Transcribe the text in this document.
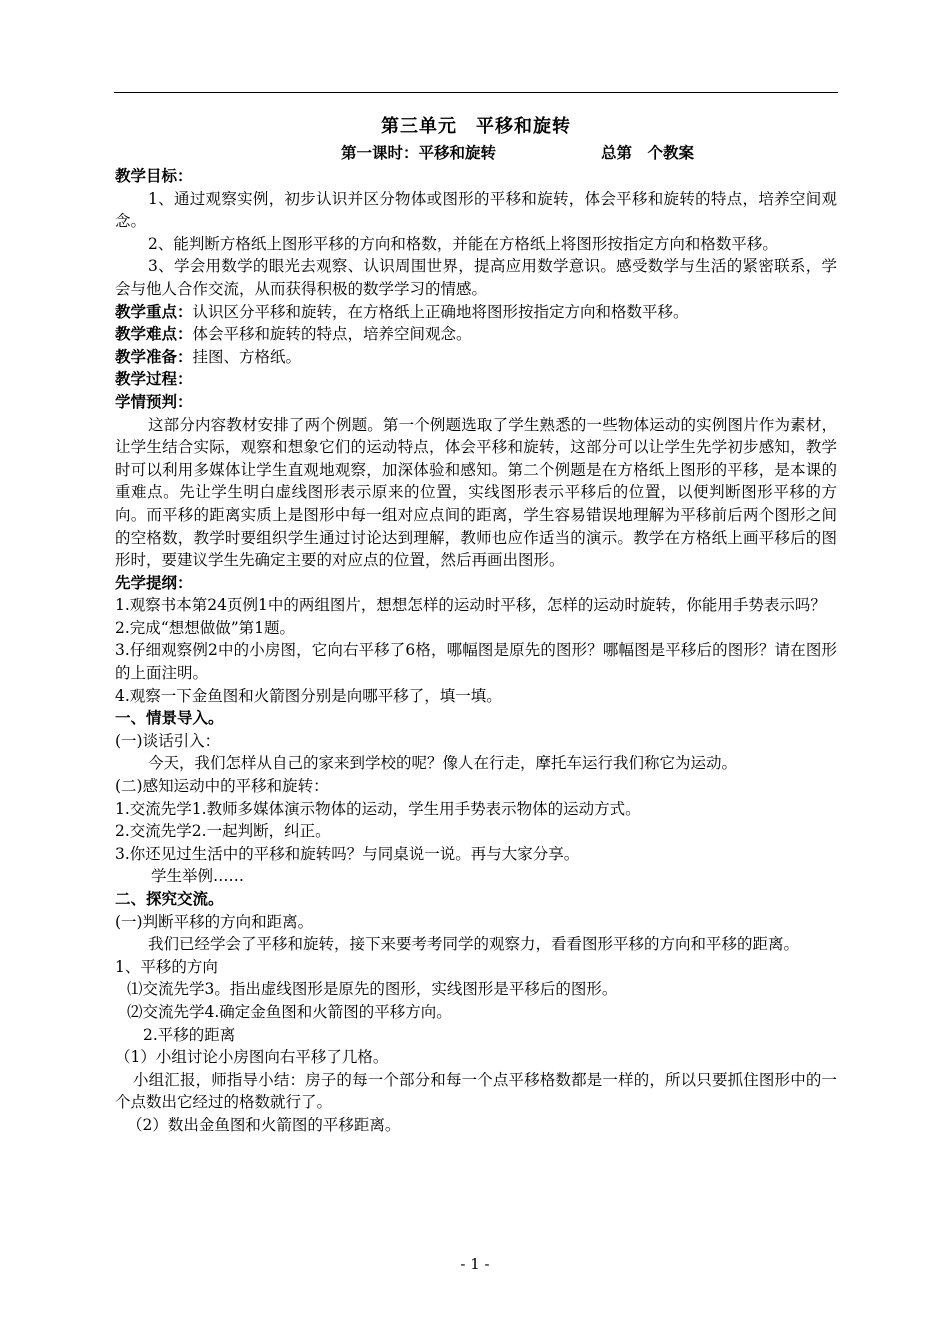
第三单元　平移和旋转
第一课时：平移和旋转	总第　个教案

教学目标：

1、通过观察实例，初步认识并区分物体或图形的平移和旋转，体会平移和旋转的特点，培养空间观念。

2、能判断方格纸上图形平移的方向和格数，并能在方格纸上将图形按指定方向和格数平移。

3、学会用数学的眼光去观察、认识周围世界，提高应用数学意识。感受数学与生活的紧密联系，学会与他人合作交流，从而获得积极的数学学习的情感。

教学重点：认识区分平移和旋转，在方格纸上正确地将图形按指定方向和格数平移。

教学难点：体会平移和旋转的特点，培养空间观念。

教学准备：挂图、方格纸。

教学过程：

学情预判：

这部分内容教材安排了两个例题。第一个例题选取了学生熟悉的一些物体运动的实例图片作为素材，让学生结合实际，观察和想象它们的运动特点，体会平移和旋转，这部分可以让学生先学初步感知，教学时可以利用多媒体让学生直观地观察，加深体验和感知。第二个例题是在方格纸上图形的平移，是本课的重难点。先让学生明白虚线图形表示原来的位置，实线图形表示平移后的位置，以便判断图形平移的方向。而平移的距离实质上是图形中每一组对应点间的距离，学生容易错误地理解为平移前后两个图形之间的空格数，教学时要组织学生通过讨论达到理解，教师也应作适当的演示。教学在方格纸上画平移后的图形时，要建议学生先确定主要的对应点的位置，然后再画出图形。

先学提纲：

1.观察书本第24页例1中的两组图片，想想怎样的运动时平移，怎样的运动时旋转，你能用手势表示吗？

2.完成“想想做做”第1题。

3.仔细观察例2中的小房图，它向右平移了6格，哪幅图是原先的图形？哪幅图是平移后的图形？请在图形的上面注明。

4.观察一下金鱼图和火箭图分别是向哪平移了，填一填。

一、情景导入。

(一)谈话引入：

今天，我们怎样从自己的家来到学校的呢？像人在行走，摩托车运行我们称它为运动。

(二)感知运动中的平移和旋转：

1.交流先学1.教师多媒体演示物体的运动，学生用手势表示物体的运动方式。

2.交流先学2.一起判断，纠正。

3.你还见过生活中的平移和旋转吗？与同桌说一说。再与大家分享。

学生举例……

二、探究交流。

(一)判断平移的方向和距离。

我们已经学会了平移和旋转，接下来要考考同学的观察力，看看图形平移的方向和平移的距离。

1、平移的方向

⑴交流先学3。指出虚线图形是原先的图形，实线图形是平移后的图形。

⑵交流先学4.确定金鱼图和火箭图的平移方向。

2.平移的距离

（1）小组讨论小房图向右平移了几格。

小组汇报，师指导小结：房子的每一个部分和每一个点平移格数都是一样的，所以只要抓住图形中的一个点数出它经过的格数就行了。

（2）数出金鱼图和火箭图的平移距离。

- 1 -
